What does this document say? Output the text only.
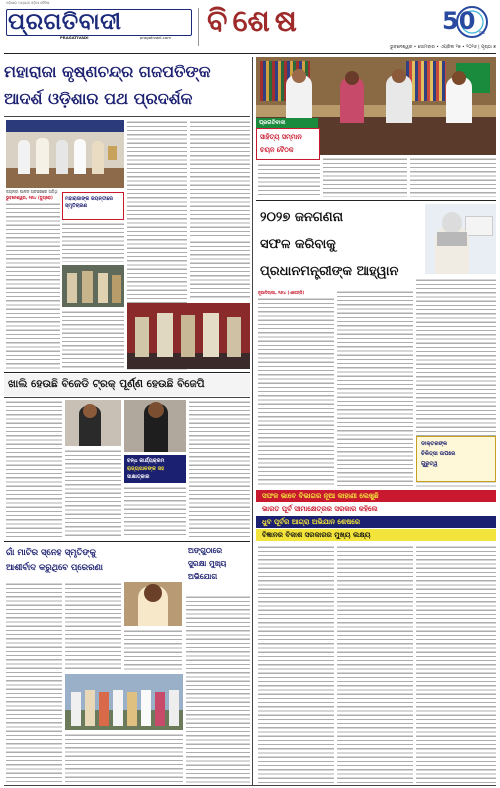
ଓଡ଼ିଶାର ଅଗ୍ରଣୀ ଓଡ଼ିଆ ଦୈନିକ
ପ୍ରଗତିବାଦୀ
PRAGATIVADI	pragativadi.com ବିଶେଷ	50 ବର୍ଷ
ଭୁବନେଶ୍ୱର • ସୋମବାର • ଏପ୍ରିଲ ୨୭ • ୨୦୨୬ | ପୃଷ୍ଠା ୭
ମହାରାଜା କୃଷ୍ଣଚନ୍ଦ୍ର ଗଜପତିଙ୍କ
ଆଦର୍ଶ ଓଡ଼ିଶାର ପଥ ପ୍ରଦର୍ଶକ
ଜୟନ୍ତୀ ପାଳନ ଅବସରରେ ଅତିଥି
ମହାରାଜାଙ୍କ ଜୟନ୍ତୀରେ ସ୍ମୃତିଚାରଣ
ଭୁବନେଶ୍ୱର, ୨୬ା୪ (ବ୍ୟୁରୋ)
ଖାଲି ହେଉଛି ବିଜେଡି ଟ୍ରକ୍ ପୂର୍ଣ୍ଣ ହେଉଛି ବିଜେପି
ବନ୍ଧ କାର୍ଯ୍ୟକ୍ରମ
ରାଜ୍ୟପାଳଙ୍କ ସହ
ସାକ୍ଷାତ୍‌କାର
ଗାଁ ମାଟିର ସ୍ନେହ ସ୍ମୃତିଙ୍କୁ
ଆଶୀର୍ବାଦ କରୁଥିବେ ପ୍ରେରଣା
ଅଙ୍ଗୁଠାରେ
ସୁରକ୍ଷା ମୁଖ୍ୟ
ଅଭିଯୋଗ
ପ୍ରଗତିବାଦୀ
ସାହିତ୍ୟ ସମ୍ମାନ
ଚୟନ ବୈଠକ
୨୦୨୭ ଜନଗଣନା
ସଫଳ କରିବାକୁ
ପ୍ରଧାନମନ୍ତ୍ରୀଙ୍କ ଆହ୍ୱାନ
ନୂଆଦିଲ୍ଲୀ, ୨୬ା୪ (ଏଜେନ୍ସି)
ଡାକ୍ତରଙ୍କ
ଚିକିତ୍ସା ଉପରେ
ଗୁରୁତ୍ୱ
ସଫଳ ଭାବେ ବିଭାଗର ନୂଆ କାହାଣୀ ଲେଖୁଛି
ଭାରତ ପୂର୍ବ ସୀମାକ୍ଷେତ୍ରର ସରକାର କହିଲେ
ଧୁବ ପୂର୍ବର ଆଗ୍ରା ଅଭିଯାନ ଶେଷରେ
ବିଜ୍ଞାନର ବିକାଶ ସରକାରର ମୁଖ୍ୟ ଲକ୍ଷ୍ୟ
